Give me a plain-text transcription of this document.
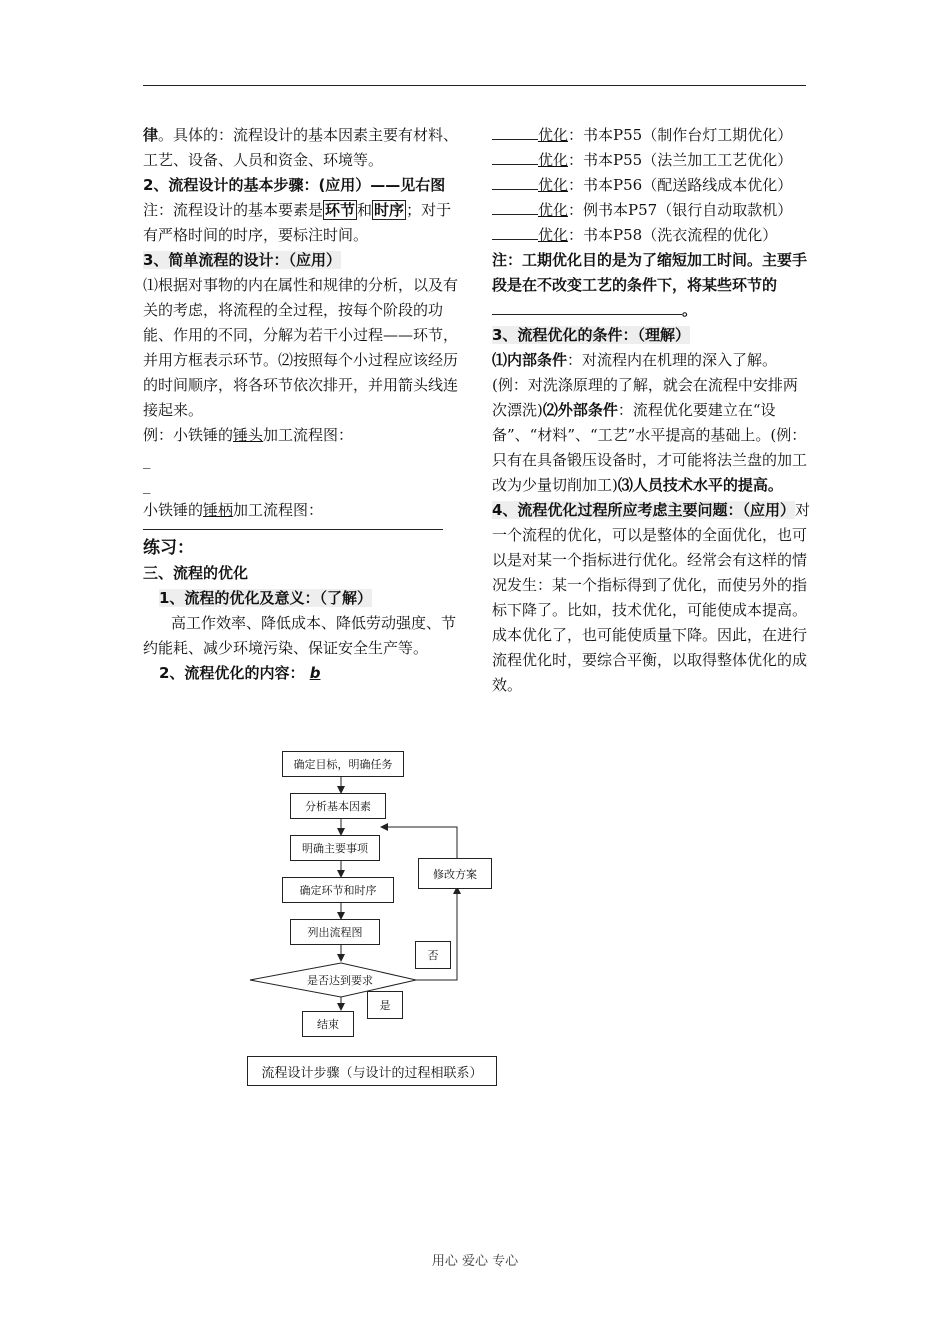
律。具体的：流程设计的基本因素主要有材料、工艺、设备、人员和资金、环境等。

2、流程设计的基本步骤：(应用）——见右图

注：流程设计的基本要素是 环节 和 时序 ；对于有严格时间的时序，要标注时间。

3、简单流程的设计：（应用）

⑴根据对事物的内在属性和规律的分析，以及有关的考虑，将流程的全过程，按每个阶段的功能、作用的不同，分解为若干小过程——环节，并用方框表示环节。⑵按照每个小过程应该经历的时间顺序，将各环节依次排开，并用箭头线连接起来。

例：小铁锤的锤头加工流程图：

_
_

小铁锤的锤柄加工流程图：

练习：

三、流程的优化

1、流程的优化及意义：（了解）

高工作效率、降低成本、降低劳动强度、节约能耗、减少环境污染、保证安全生产等。

2、流程优化的内容： b

优化：书本P55（制作台灯工期优化）

优化：书本P55（法兰加工工艺优化）

优化：书本P56（配送路线成本优化）

优化：例书本P57（银行自动取款机）

优化：书本P58（洗衣流程的优化）

注：工期优化目的是为了缩短加工时间。主要手段是在不改变工艺的条件下，将某些环节的。

3、流程优化的条件：（理解）

⑴内部条件：对流程内在机理的深入了解。(例：对洗涤原理的了解，就会在流程中安排两次漂洗)⑵外部条件：流程优化要建立在“设备”、“材料”、“工艺”水平提高的基础上。(例：只有在具备锻压设备时，才可能将法兰盘的加工改为少量切削加工)⑶人员技术水平的提高。

4、流程优化过程所应考虑主要问题：（应用）对一个流程的优化，可以是整体的全面优化，也可以是对某一个指标进行优化。经常会有这样的情况发生：某一个指标得到了优化，而使另外的指标下降了。比如，技术优化，可能使成本提高。成本优化了，也可能使质量下降。因此，在进行流程优化时，要综合平衡，以取得整体优化的成效。

确定目标，明确任务
分析基本因素
明确主要事项
确定环节和时序
列出流程图
是否达到要求
修改方案
否
是
结束
流程设计步骤（与设计的过程相联系）
用心 爱心 专心
